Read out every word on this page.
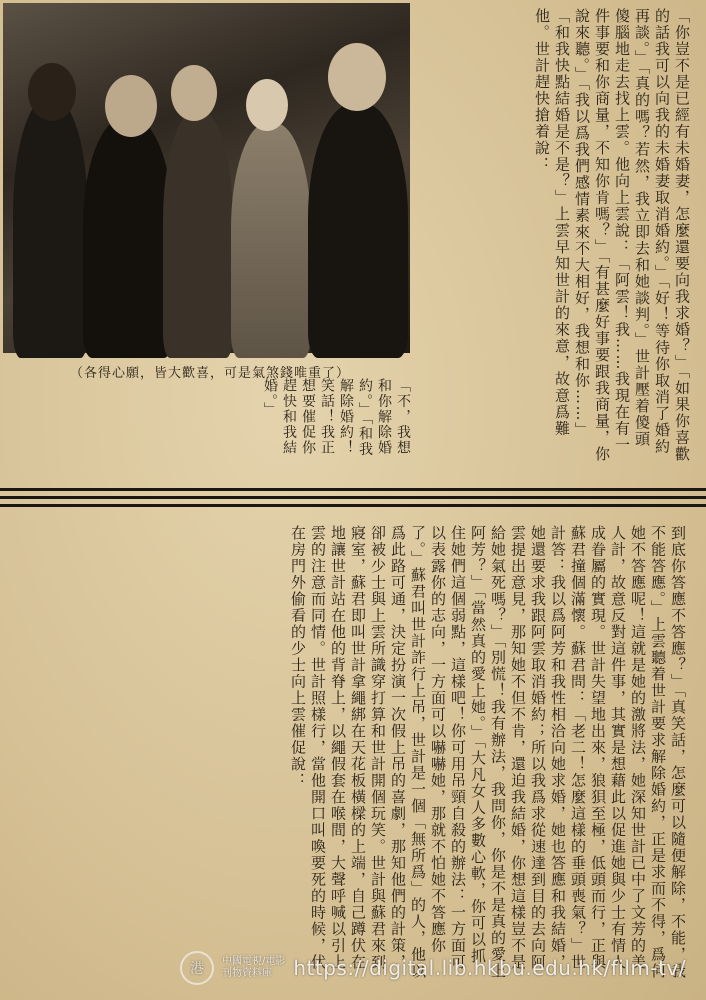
（各得心願，皆大歡喜，可是氣煞錢唯重了）	「你豈不是已經有未婚妻，怎麼還要向我求婚？」「如果你喜歡的話我可以向我的未婚妻取消婚約。」「好！等待你取消了婚約再談。」「真的嗎？若然，我立即去和她談判。」世計壓着傻頭傻腦地走去找上雲。他向上雲說：「阿雲！我……我現在有一件事要和你商量，不知你肯嗎？」「有甚麼好事要跟我商量，你說來聽。」「我以爲我們感情素來不大相好，我想和你……」「和我快點結婚是不是？」上雲早知世計的來意，故意爲難他。世計趕快搶着說：
「不，我想和你解除婚約。」「和我解除婚約！笑話！我正想要催促你趕快和我結婚。」
到底你答應不答應？」「真笑話，怎麼可以隨便解除，不能，我不能答應。」上雲聽着世計要求解除婚約，正是求而不得，爲何她不答應呢！這就是她的激將法，她深知世計已中了文芳的美人計，故意反對這件事，其實是想藉此以促進她與少士有情人成眷屬的實現。世計失望地出來，狼狽至極，低頭而行，正與蘇君撞個滿懷。蘇君問：「老二！怎麼這樣的垂頭喪氣？」世計答：我以爲阿芳和我性相洽向她求婚，她也答應和我結婚，她還要求我跟阿雲取消婚約；所以我爲求從速達到目的去向阿雲提出意見，那知她不但不肯，還迫我結婚，你想這樣豈不是給她氣死嗎？」「別慌！我有辦法，我問你，你是不是真的愛上阿芳？」「當然真的愛上她。」「大凡女人多數心軟，你可以抓住她們這個弱點，這樣吧！你可用吊頸自殺的辦法：一方面可以表露你的志向，一方面可以嚇嚇她，那就不怕她不答應你了。」蘇君叫世計詐行上吊，世計是一個「無所爲」的人，他以爲此路可通，決定扮演一次假上吊的喜劇，那知他們的計策，卻被少士與上雲所識穿打算和世計開個玩笑。世計與蘇君來到寢室，蘇君即叫世計拿繩綁在天花板橫樑的上端，自己蹲伏在地讓世計站在他的背脊上，以繩假套在喉間，大聲呼喊以引上雲的注意而同情。世計照樣行，當他開口叫喚要死的時候，伏在房門外偷看的少士向上雲催促說：
港	中國電視/電影
刊物資料庫	https://digital.lib.hkbu.edu.hk/film-tv/
